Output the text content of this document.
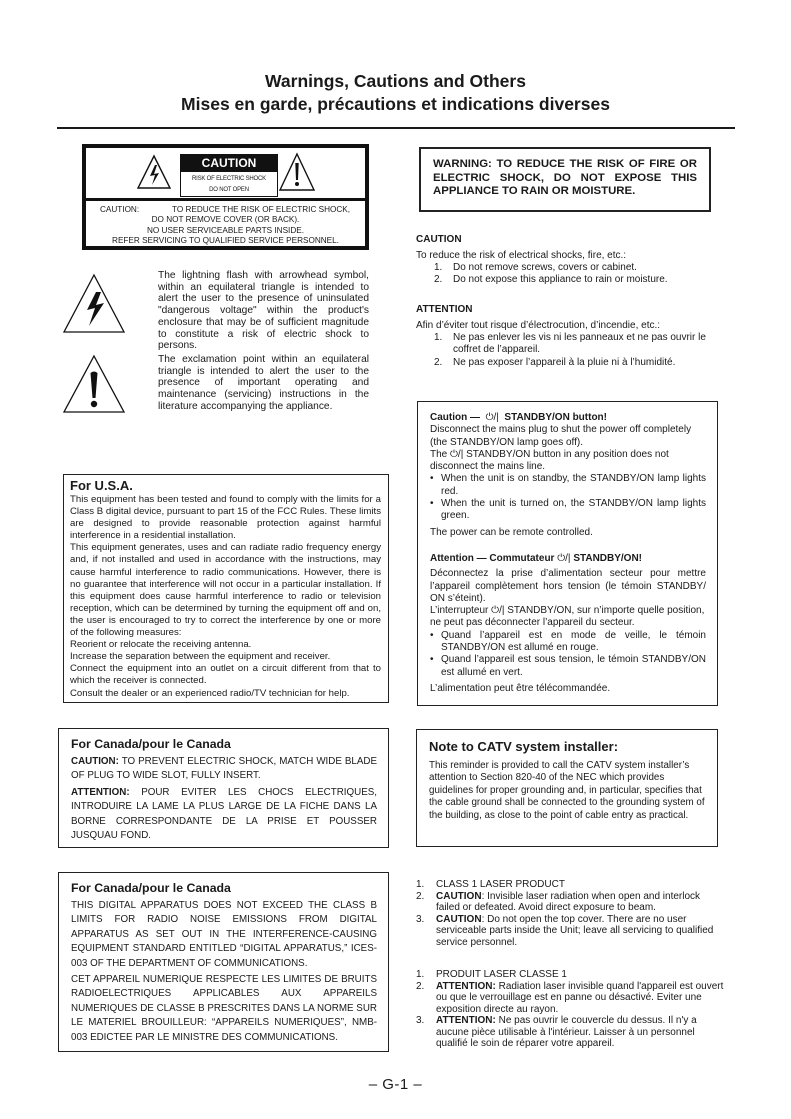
Warnings, Cautions and Others
Mises en garde, précautions et indications diverses
CAUTION
RISK OF ELECTRIC SHOCK
DO NOT OPEN
CAUTION:	TO REDUCE THE RISK OF ELECTRIC SHOCK,
DO NOT REMOVE COVER (OR BACK).
NO USER SERVICEABLE PARTS INSIDE.
REFER SERVICING TO QUALIFIED SERVICE PERSONNEL.
The lightning flash with arrowhead symbol, within an equilateral triangle is intended to alert the user to the presence of uninsulated "dangerous voltage" within the product's enclosure that may be of sufficient magnitude to constitute a risk of electric shock to persons.
The exclamation point within an equilateral triangle is intended to alert the user to the presence of important operating and maintenance (servicing) instructions in the literature accompanying the appliance.
WARNING: TO REDUCE THE RISK OF FIRE OR ELECTRIC SHOCK, DO NOT EXPOSE THIS APPLIANCE TO RAIN OR MOISTURE.
CAUTION
To reduce the risk of electrical shocks, fire, etc.:
1.	Do not remove screws, covers or cabinet.
2.	Do not expose this appliance to rain or moisture.
ATTENTION
Afin d’éviter tout risque d’électrocution, d’incendie, etc.:
1.	Ne pas enlever les vis ni les panneaux et ne pas ouvrir le coffret de l’appareil.
2.	Ne pas exposer l’appareil à la pluie ni à l’humidité.
Caution — ⏻/| STANDBY/ON button!
Disconnect the mains plug to shut the power off completely (the STANDBY/ON lamp goes off).
The ⏻/| STANDBY/ON button in any position does not disconnect the mains line.
• When the unit is on standby, the STANDBY/ON lamp lights red.
• When the unit is turned on, the STANDBY/ON lamp lights green.
The power can be remote controlled.
Attention — Commutateur ⏻/| STANDBY/ON!
Déconnectez la prise d’alimentation secteur pour mettre l’appareil complètement hors tension (le témoin STANDBY/ ON s’éteint).
L’interrupteur ⏻/| STANDBY/ON, sur n’importe quelle position, ne peut pas déconnecter l’appareil du secteur.
• Quand l’appareil est en mode de veille, le témoin STANDBY/ON est allumé en rouge.
• Quand l’appareil est sous tension, le témoin STANDBY/ON est allumé en vert.
L’alimentation peut être télécommandée.
For U.S.A.

This equipment has been tested and found to comply with the limits for a Class B digital device, pursuant to part 15 of the FCC Rules. These limits are designed to provide reasonable protection against harmful interference in a residential installation.

This equipment generates, uses and can radiate radio frequency energy and, if not installed and used in accordance with the instructions, may cause harmful interference to radio communications. However, there is no guarantee that interference will not occur in a particular installation. If this equipment does cause harmful interference to radio or television reception, which can be determined by turning the equipment off and on, the user is encouraged to try to correct the interference by one or more of the following measures:

Reorient or relocate the receiving antenna.

Increase the separation between the equipment and receiver.

Connect the equipment into an outlet on a circuit different from that to which the receiver is connected.

Consult the dealer or an experienced radio/TV technician for help.

For Canada/pour le Canada

CAUTION: TO PREVENT ELECTRIC SHOCK, MATCH WIDE BLADE OF PLUG TO WIDE SLOT, FULLY INSERT.

ATTENTION: POUR EVITER LES CHOCS ELECTRIQUES, INTRODUIRE LA LAME LA PLUS LARGE DE LA FICHE DANS LA BORNE CORRESPONDANTE DE LA PRISE ET POUSSER JUSQUAU FOND.

Note to CATV system installer:
This reminder is provided to call the CATV system installer’s attention to Section 820-40 of the NEC which provides guidelines for proper grounding and, in particular, specifies that the cable ground shall be connected to the grounding system of the building, as close to the point of cable entry as practical.
For Canada/pour le Canada

THIS DIGITAL APPARATUS DOES NOT EXCEED THE CLASS B LIMITS FOR RADIO NOISE EMISSIONS FROM DIGITAL APPARATUS AS SET OUT IN THE INTERFERENCE-CAUSING EQUIPMENT STANDARD ENTITLED “DIGITAL APPARATUS,” ICES-003 OF THE DEPARTMENT OF COMMUNICATIONS.

CET APPAREIL NUMERIQUE RESPECTE LES LIMITES DE BRUITS RADIOELECTRIQUES APPLICABLES AUX APPAREILS NUMERIQUES DE CLASSE B PRESCRITES DANS LA NORME SUR LE MATERIEL BROUILLEUR: “APPAREILS NUMERIQUES”, NMB-003 EDICTEE PAR LE MINISTRE DES COMMUNICATIONS.

1.	CLASS 1 LASER PRODUCT
2.	CAUTION: Invisible laser radiation when open and interlock failed or defeated. Avoid direct exposure to beam.
3.	CAUTION: Do not open the top cover. There are no user serviceable parts inside the Unit; leave all servicing to qualified service personnel.
1.	PRODUIT LASER CLASSE 1
2.	ATTENTION: Radiation laser invisible quand l'appareil est ouvert ou que le verrouillage est en panne ou désactivé. Eviter une exposition directe au rayon.
3.	ATTENTION: Ne pas ouvrir le couvercle du dessus. Il n'y a aucune pièce utilisable à l'intérieur. Laisser à un personnel qualifié le soin de réparer votre appareil.
– G-1 –
